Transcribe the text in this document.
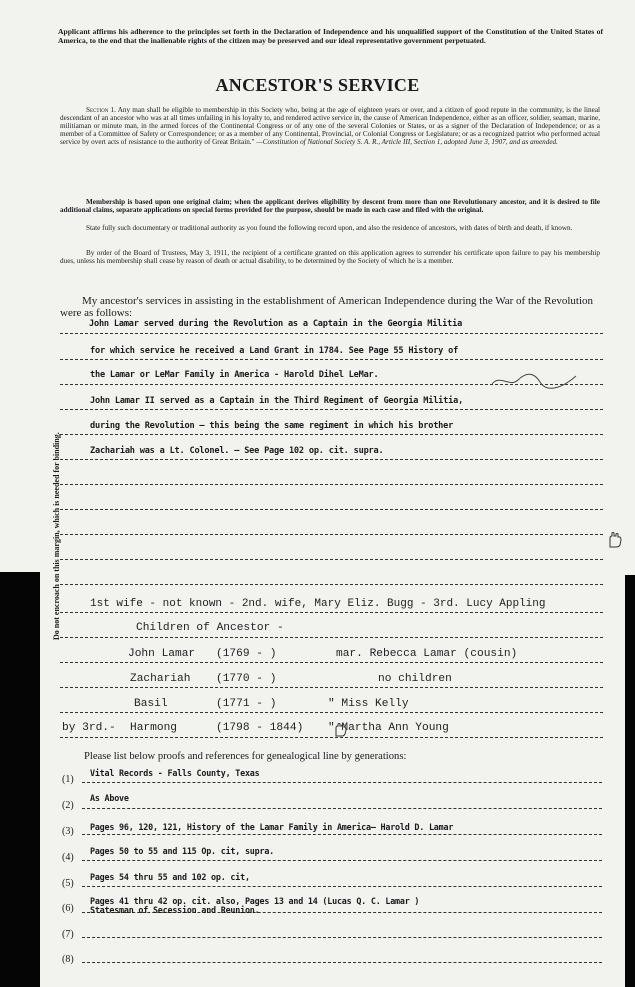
Applicant affirms his adherence to the principles set forth in the Declaration of Independence and his unqualified support of the Constitution of the United States of America, to the end that the inalienable rights of the citizen may be preserved and our ideal representative government perpetuated.

ANCESTOR'S SERVICE

Section 1. Any man shall be eligible to membership in this Society who, being at the age of eighteen years or over, and a citizen of good repute in the community, is the lineal descendant of an ancestor who was at all times unfailing in his loyalty to, and rendered active service in, the cause of American Independence, either as an officer, soldier, seaman, marine, militiaman or minute man, in the armed forces of the Continental Congress or of any one of the several Colonies or States, or as a signer of the Declaration of Independence; or as a member of a Committee of Safety or Correspondence; or as a member of any Continental, Provincial, or Colonial Congress or Legislature; or as a recognized patriot who performed actual service by overt acts of resistance to the authority of Great Britain." —Constitution of National Society S. A. R., Article III, Section 1, adopted June 3, 1907, and as amended.

Membership is based upon one original claim; when the applicant derives eligibility by descent from more than one Revolutionary ancestor, and it is desired to file additional claims, separate applications on special forms provided for the purpose, should be made in each case and filed with the original.

State fully such documentary or traditional authority as you found the following record upon, and also the residence of ancestors, with dates of birth and death, if known.

By order of the Board of Trustees, May 3, 1911, the recipient of a certificate granted on this application agrees to surrender his certificate upon failure to pay his membership dues, unless his membership shall cease by reason of death or actual disability, to be determined by the Society of which he is a member.

My ancestor's services in assisting in the establishment of American Independence during the War of the Revolution were as follows:

John Lamar served during the Revolution as a Captain in the Georgia Militia
for which service he received a Land Grant in 1784. See Page 55 History of
the Lamar or LeMar Family in America - Harold Dihel LeMar.
John Lamar II served as a Captain in the Third Regiment of Georgia Militia,
during the Revolution — this being the same regiment in which his brother
Zachariah was a Lt. Colonel. — See Page 102 op. cit. supra.
Do not encroach on this margin, which is needed for binding.	1st wife - not known - 2nd. wife, Mary Eliz. Bugg - 3rd. Lucy Appling
Children of Ancestor -
John Lamar (1769 - )	mar. Rebecca Lamar (cousin)
Zachariah (1770 - )	no children
Basil	(1771 - )	" Miss Kelly
by 3rd.- Harmong	(1798 - 1844) " Martha Ann Young

Please list below proofs and references for genealogical line by generations:

(1)
Vital Records - Falls County, Texas
(2)
As Above
(3) Pages 96, 120, 121, History of the Lamar Family in America— Harold D. Lamar
(4)
Pages 50 to 55 and 115 Op. cit, supra.
(5)
Pages 54 thru 55 and 102 op. cit,
(6)
Pages 41 thru 42 op. cit. also, Pages 13 and 14 (Lucas Q. C. Lamar )
Statesman of Secession and Reunion.
(7)
(8)
